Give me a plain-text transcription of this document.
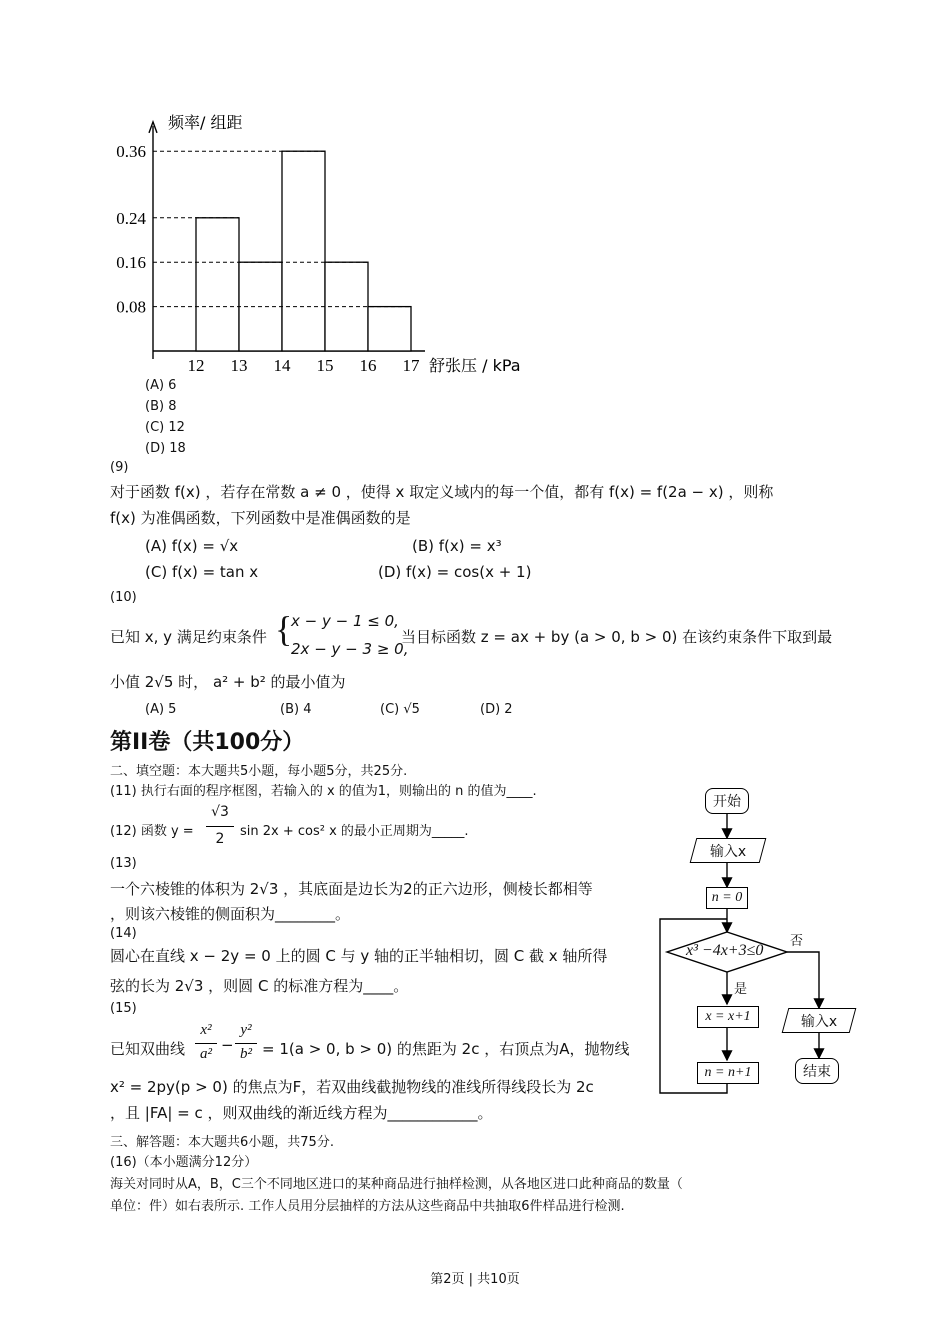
0.08
0.16
0.24
0.36
12 13 14 15 16 17
频率/ 组距
舒张压 / kPa
(A) 6
(B) 8
(C) 12
(D) 18
(9)
对于函数 f(x) ，若存在常数 a ≠ 0 ，使得 x 取定义域内的每一个值，都有 f(x) = f(2a − x) ，则称
f(x) 为准偶函数，下列函数中是准偶函数的是
(A) f(x) = √x	(B) f(x) = x³
(C) f(x) = tan x	(D) f(x) = cos(x + 1)
(10)
已知 x, y 满足约束条件 {
x − y − 1 ≤ 0,
2x − y − 3 ≥ 0,
当目标函数 z = ax + by (a > 0, b > 0) 在该约束条件下取到最
小值 2√5 时， a² + b² 的最小值为
(A) 5	(B) 4	(C) √5	(D) 2
第II卷（共100分）
二、填空题：本大题共5小题，每小题5分，共25分.
(11) 执行右面的程序框图，若输入的 x 的值为1，则输出的 n 的值为____.
(12) 函数 y =
√3
2	sin 2x + cos² x 的最小正周期为_____.
(13)
一个六棱锥的体积为 2√3 ，其底面是边长为2的正六边形，侧棱长都相等
，则该六棱锥的侧面积为________。
(14)
圆心在直线 x − 2y = 0 上的圆 C 与 y 轴的正半轴相切，圆 C 截 x 轴所得
弦的长为 2√3 ，则圆 C 的标准方程为____。
(15)
已知双曲线
x²
a² −
y²
b² = 1(a > 0, b > 0) 的焦距为 2c ，右顶点为A，抛物线
x² = 2py(p > 0) 的焦点为F，若双曲线截抛物线的准线所得线段长为 2c
，且 |FA| = c ，则双曲线的渐近线方程为____________。
三、解答题：本大题共6小题，共75分.
(16)（本小题满分12分）
海关对同时从A，B，C三个不同地区进口的某种商品进行抽样检测，从各地区进口此种商品的数量（
单位：件）如右表所示. 工作人员用分层抽样的方法从这些商品中共抽取6件样品进行检测.
开始
输入x
n = 0
x³ −4x+3≤0
否
是
x = x+1
n = n+1
输入x
结束
第2页 | 共10页
